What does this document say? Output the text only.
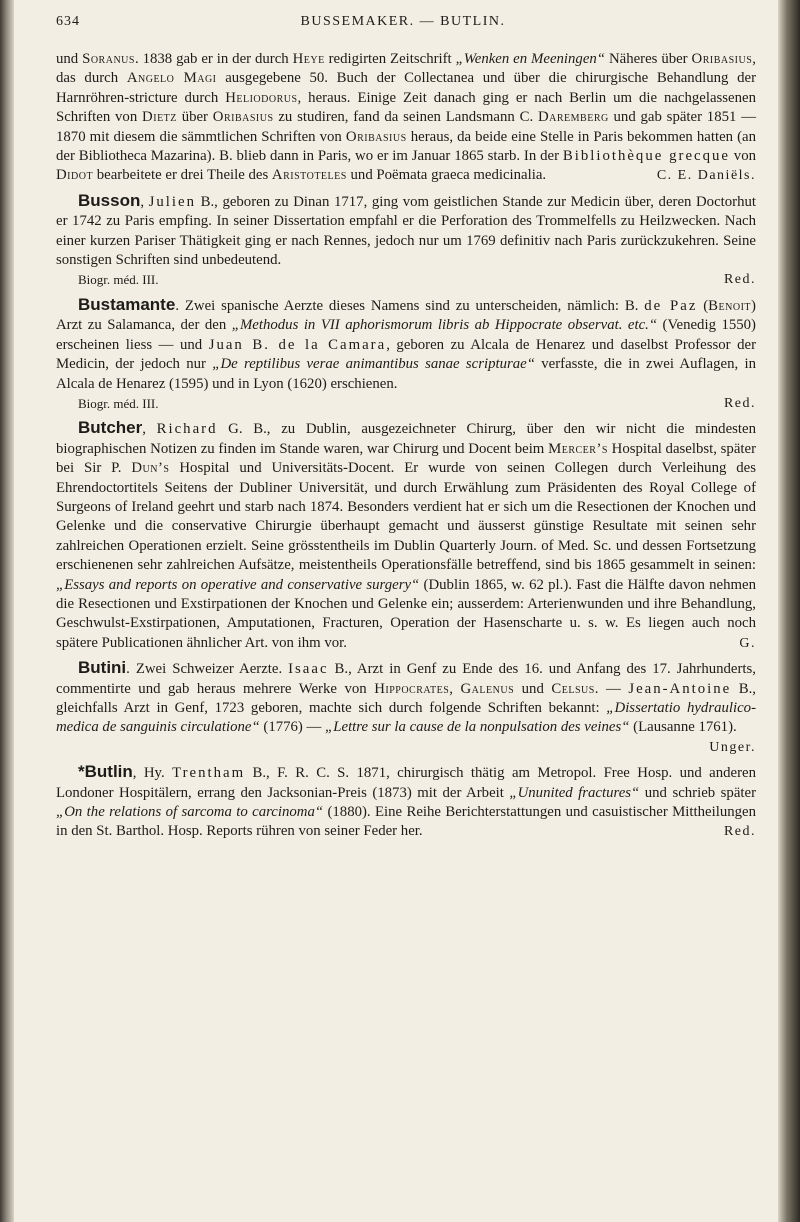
634	BUSSEMAKER. — BUTLIN.

und Soranus. 1838 gab er in der durch Heye redigirten Zeitschrift „Wenken en Meeningen“ Näheres über Oribasius, das durch Angelo Magi ausgegebene 50. Buch der Collectanea und über die chirurgische Behandlung der Harnröhren-stricture durch Heliodorus, heraus. Einige Zeit danach ging er nach Berlin um die nachgelassenen Schriften von Dietz über Oribasius zu studiren, fand da seinen Landsmann C. Daremberg und gab später 1851 — 1870 mit diesem die sämmtlichen Schriften von Oribasius heraus, da beide eine Stelle in Paris bekommen hatten (an der Bibliotheca Mazarina). B. blieb dann in Paris, wo er im Januar 1865 starb. In der Bibliothèque grecque von Didot bearbeitete er drei Theile des Aristoteles und Poëmata graeca medicinalia.	C. E. Daniëls.

Busson, Julien B., geboren zu Dinan 1717, ging vom geistlichen Stande zur Medicin über, deren Doctorhut er 1742 zu Paris empfing. In seiner Dissertation empfahl er die Perforation des Trommelfells zu Heilzwecken. Nach einer kurzen Pariser Thätigkeit ging er nach Rennes, jedoch nur um 1769 definitiv nach Paris zurückzukehren. Seine sonstigen Schriften sind unbedeutend.

Biogr. méd. III.	Red.

Bustamante. Zwei spanische Aerzte dieses Namens sind zu unterscheiden, nämlich: B. de Paz (Benoit) Arzt zu Salamanca, der den „Methodus in VII aphorismorum libris ab Hippocrate observat. etc.“ (Venedig 1550) erscheinen liess — und Juan B. de la Camara, geboren zu Alcala de Henarez und daselbst Professor der Medicin, der jedoch nur „De reptilibus verae animantibus sanae scripturae“ verfasste, die in zwei Auflagen, in Alcala de Henarez (1595) und in Lyon (1620) erschienen.

Biogr. méd. III.	Red.

Butcher, Richard G. B., zu Dublin, ausgezeichneter Chirurg, über den wir nicht die mindesten biographischen Notizen zu finden im Stande waren, war Chirurg und Docent beim Mercer’s Hospital daselbst, später bei Sir P. Dun’s Hospital und Universitäts-Docent. Er wurde von seinen Collegen durch Verleihung des Ehrendoctortitels Seitens der Dubliner Universität, und durch Erwählung zum Präsidenten des Royal College of Surgeons of Ireland geehrt und starb nach 1874. Besonders verdient hat er sich um die Resectionen der Knochen und Gelenke und die conservative Chirurgie überhaupt gemacht und äusserst günstige Resultate mit seinen sehr zahlreichen Operationen erzielt. Seine grösstentheils im Dublin Quarterly Journ. of Med. Sc. und dessen Fortsetzung erschienenen sehr zahlreichen Aufsätze, meistentheils Operationsfälle betreffend, sind bis 1865 gesammelt in seinen: „Essays and reports on operative and conservative surgery“ (Dublin 1865, w. 62 pl.). Fast die Hälfte davon nehmen die Resectionen und Exstirpationen der Knochen und Gelenke ein; ausserdem: Arterienwunden und ihre Behandlung, Geschwulst-Exstirpationen, Amputationen, Fracturen, Operation der Hasenscharte u. s. w. Es liegen auch noch spätere Publicationen ähnlicher Art. von ihm vor.	G.

Butini. Zwei Schweizer Aerzte. Isaac B., Arzt in Genf zu Ende des 16. und Anfang des 17. Jahrhunderts, commentirte und gab heraus mehrere Werke von Hippocrates, Galenus und Celsus. — Jean-Antoine B., gleichfalls Arzt in Genf, 1723 geboren, machte sich durch folgende Schriften bekannt: „Dissertatio hydraulico-medica de sanguinis circulatione“ (1776) — „Lettre sur la cause de la nonpulsation des veines“ (Lausanne 1761).
Unger.

*Butlin, Hy. Trentham B., F. R. C. S. 1871, chirurgisch thätig am Metropol. Free Hosp. und anderen Londoner Hospitälern, errang den Jacksonian-Preis (1873) mit der Arbeit „Ununited fractures“ und schrieb später „On the relations of sarcoma to carcinoma“ (1880). Eine Reihe Berichterstattungen und casuistischer Mittheilungen in den St. Barthol. Hosp. Reports rühren von seiner Feder her.	Red.
